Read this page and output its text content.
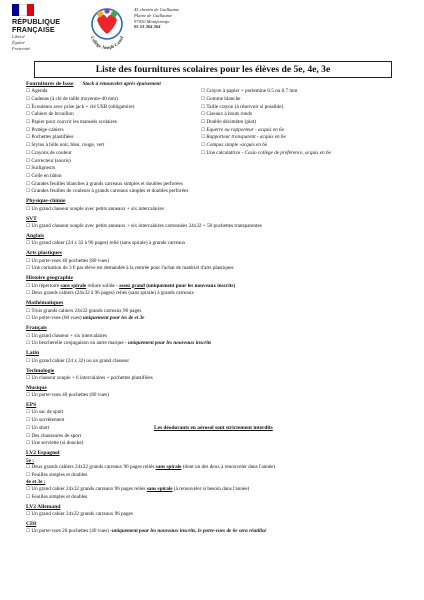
RÉPUBLIQUE
FRANÇAISE
Liberté
Égalité
Fraternité
Collège Joseph Cassel
45 chemin de Guillaume
Plaine de Guillaume
97430 Montfermijn
05 53 364 364
Liste des fournitures scolaires pour les élèves de 5e, 4e, 3e
Fournitures de base Stock à renouveler après épuisement
☐ Agenda
☐ Cadenas (à clé de taille moyenne-40 mm)
☐ Écouteurs avec prise jack + clé USB (obligatoire)
☐ Cahiers de brouillon
☐ Papier pour couvrir les manuels scolaires
☐ Protège-cahiers
☐ Pochettes plastifiées
☐ Stylos à bille noir, bleu, rouge, vert
☐ Crayons de couleur
☐ Correcteur (souris)
☐ Surligneurs
☐ Colle en bâton
☐ Crayon à papier + portemine 0.5 ou 0.7 mm
☐ Gomme blanche
☐ Taille crayon (à réservoir si possible)
☐ Ciseaux à bouts ronds
☐ Double décimètre (plat)
☐ Equerre ou rapporteur - acquis en 6e
☐ Rapporteur transparent - acquis en 6e
☐ Compas simple -acquis en 6e
☐ Une calculatrice - Casio collège de préférence, acquis en 6e
☐ Grandes feuilles blanches à grands carreaux simples et doubles perforées
☐ Grandes feuilles de couleurs à grands carreaux simples et doubles perforées
Physique-chimie
☐ Un grand classeur souple avec petits anneaux + six intercalaires
SVT
☐ Un grand classeur souple avec petits anneaux + six intercalaires cartonnées 24x32 + 50 pochettes transparentes
Anglais
☐ Un grand cahier (24 x 32 à 96 pages) relié (sans spirale) à grands carreaux
Arts plastiques
☐ Un porte-vues 40 pochettes (80 vues)
☐ Une cotisation de 3 € par élève est demandée à la rentrée pour l'achat de matériel d'arts plastiques
Histoire géographie
☐ Un répertoire sans spirale reliure solide - assez grand (uniquement pour les nouveaux inscrits)
☐ Deux grands cahiers (24x32 à 96 pages) reliés (sans spirale) à grands carreaux
Mathématiques
☐ Trois grands cahiers 24x32 grands carreaux 96 pages
☐ Un porte-vues (60 vues) uniquement pour les 4e et 3e
Français
☐ Un grand classeur + six intercalaires
☐ Un bescherelle conjugaison ou autre marque - uniquement pour les nouveaux inscrits
Latin
☐ Un grand cahier (24 x 32) ou un grand classeur
Technologie
☐ Un classeur souple + 6 intercalaires + pochettes plastifiées
Musique
☐ Un porte-vues 40 pochettes (80 vues)
EPS
☐ Un sac de sport
☐ Un survêtement
☐ Un short	Les déodorants en aérosol sont strictement interdits
☐ Des chaussures de sport
☐ Une serviette (si douche)
LV2 Espagnol
5e :
☐ Deux grands cahiers 24x32 grands carreaux 96 pages reliés sans spirale (dont un des deux à renouveler dans l'année)
☐ Feuilles simples et doubles
4e et 3e :
☐ Un grand cahier 24x32 grands carreaux 96 pages reliés sans spirale (à renouveler si besoin dans l'année)
☐ Feuilles simples et doubles
LV2 Allemand
☐ Un grand cahier 24x32 grands carreaux 96 pages
CDI
☐ Un porte-vues 20 pochettes (40 vues) -uniquement pour les nouveaux inscrits, le porte-vues de 6e sera réutilisé
